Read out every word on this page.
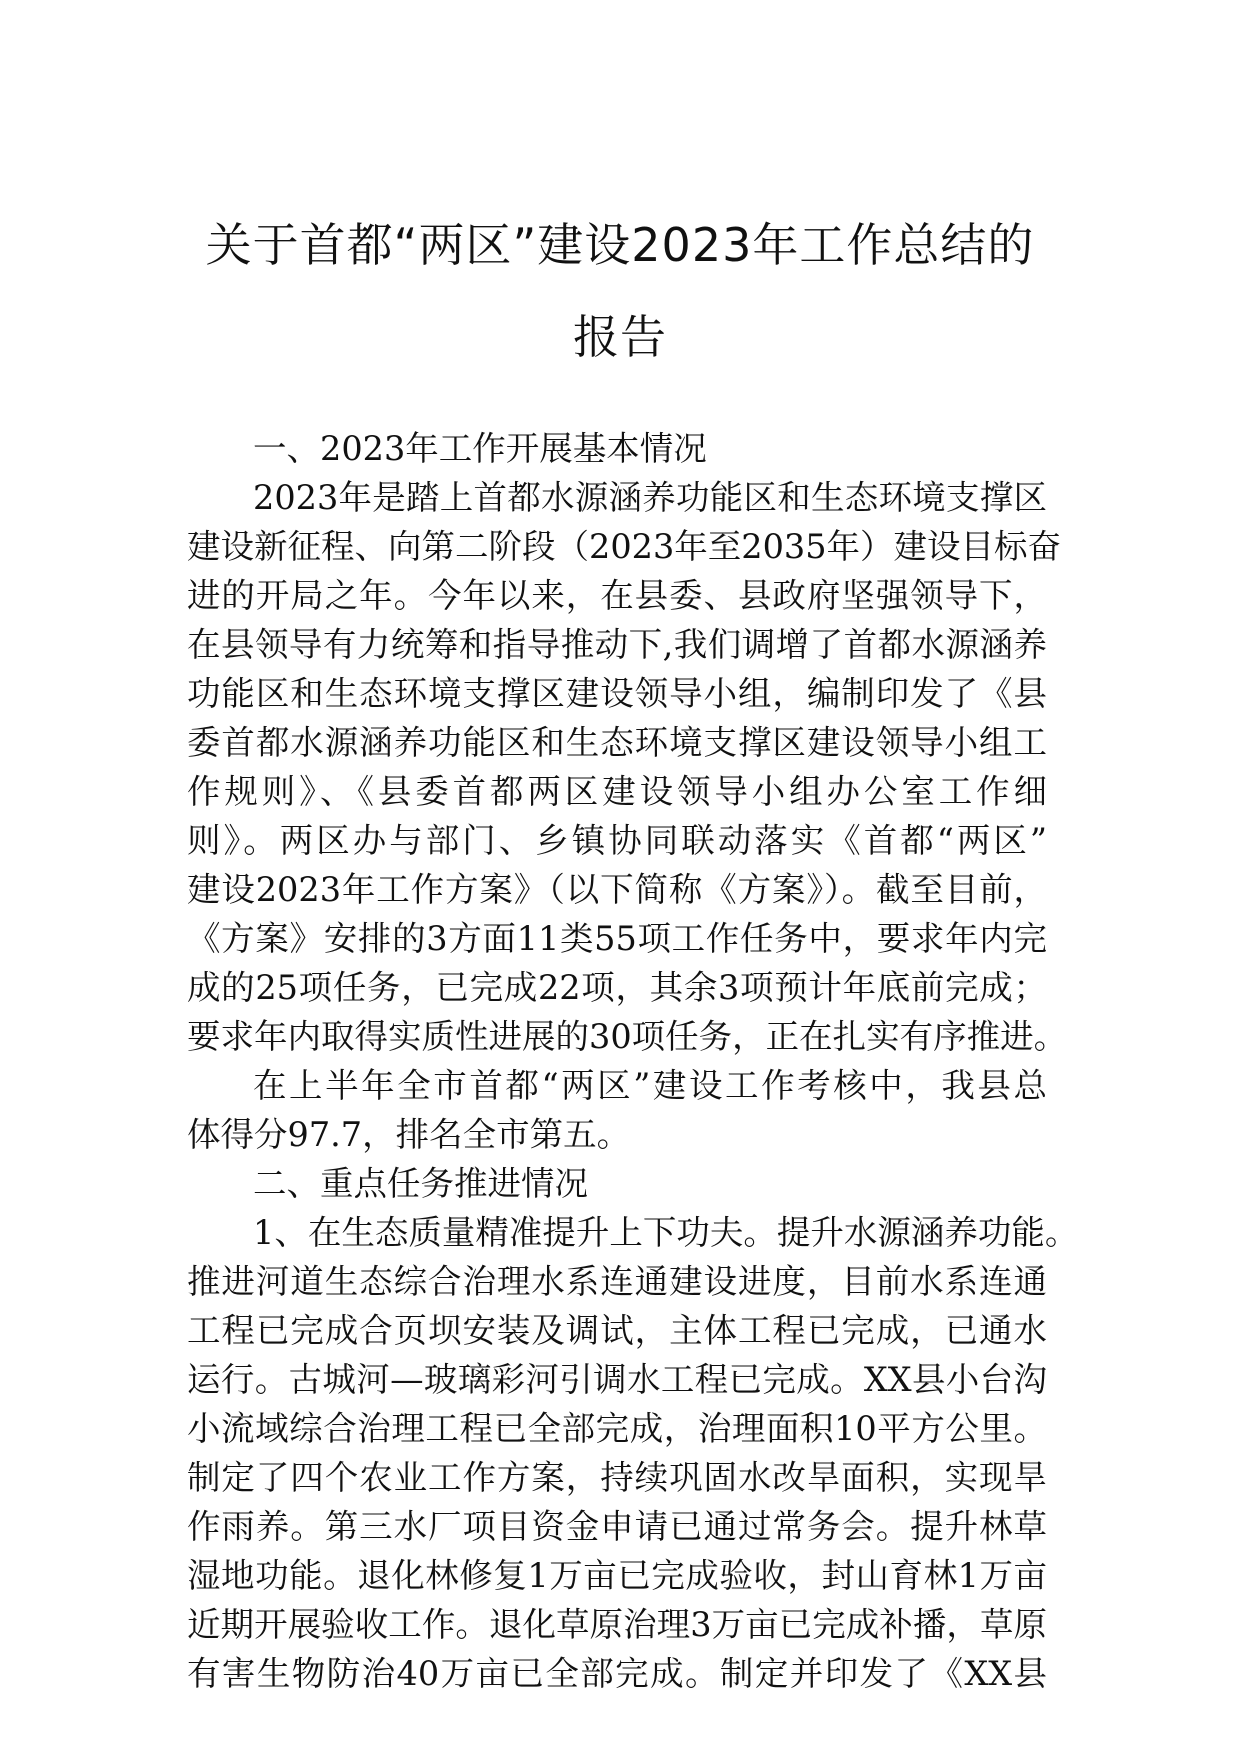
关于首都“两区”建设2023年工作总结的
报告
一、2023年工作开展基本情况
2023年是踏上首都水源涵养功能区和生态环境支撑区
建设新征程、向第二阶段（2023年至2035年）建设目标奋
进的开局之年。今年以来，在县委、县政府坚强领导下，
在县领导有力统筹和指导推动下,我们调增了首都水源涵养
功能区和生态环境支撑区建设领导小组，编制印发了《县
委首都水源涵养功能区和生态环境支撑区建设领导小组工
作规则》、《县委首都两区建设领导小组办公室工作细
则》。两区办与部门、乡镇协同联动落实《首都“两区”
建设2023年工作方案》（以下简称《方案》）。截至目前，
《方案》安排的3方面11类55项工作任务中，要求年内完
成的25项任务，已完成22项，其余3项预计年底前完成；
要求年内取得实质性进展的30项任务，正在扎实有序推进。
在上半年全市首都“两区”建设工作考核中，我县总
体得分97.7，排名全市第五。
二、重点任务推进情况
1、在生态质量精准提升上下功夫。提升水源涵养功能。
推进河道生态综合治理水系连通建设进度，目前水系连通
工程已完成合页坝安装及调试，主体工程已完成，已通水
运行。古城河—玻璃彩河引调水工程已完成。XX县小台沟
小流域综合治理工程已全部完成，治理面积10平方公里。
制定了四个农业工作方案，持续巩固水改旱面积，实现旱
作雨养。第三水厂项目资金申请已通过常务会。提升林草
湿地功能。退化林修复1万亩已完成验收，封山育林1万亩
近期开展验收工作。退化草原治理3万亩已完成补播，草原
有害生物防治40万亩已全部完成。制定并印发了《XX县
